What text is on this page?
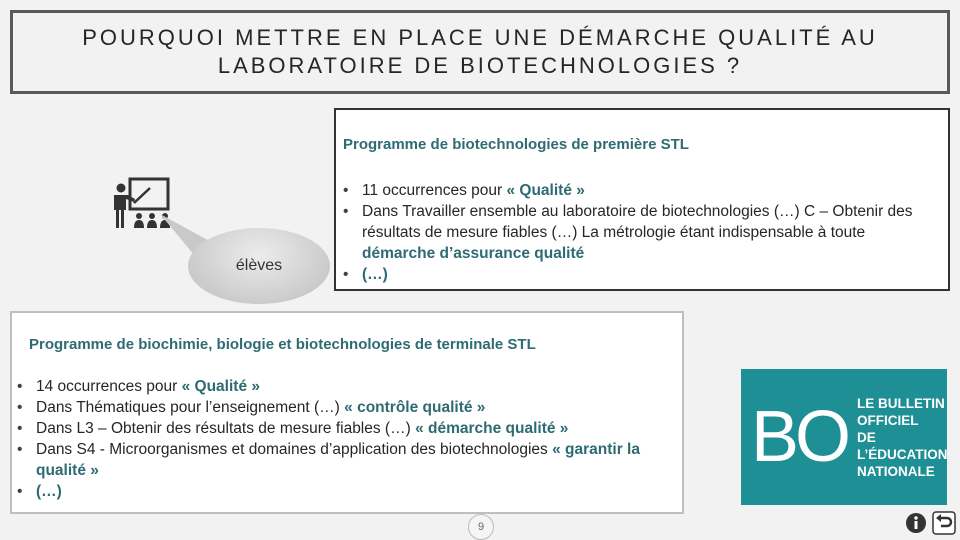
POURQUOI METTRE EN PLACE UNE DÉMARCHE QUALITÉ AU
LABORATOIRE DE BIOTECHNOLOGIES ?
élèves
Programme de biotechnologies de première STL
• 11 occurrences pour « Qualité »
• Dans Travailler ensemble au laboratoire de biotechnologies (…) C – Obtenir des résultats de mesure fiables (…) La métrologie étant indispensable à toute démarche d’assurance qualité
• (…)
Programme de biochimie, biologie et biotechnologies de terminale STL
• 14 occurrences pour « Qualité »
• Dans Thématiques pour l’enseignement (…) « contrôle qualité »
• Dans L3 – Obtenir des résultats de mesure fiables (…) « démarche qualité »
• Dans S4 - Microorganismes et domaines d’application des biotechnologies « garantir la qualité »
• (…)
BO LE BULLETIN
OFFICIEL
DE L’ÉDUCATION
NATIONALE
9
